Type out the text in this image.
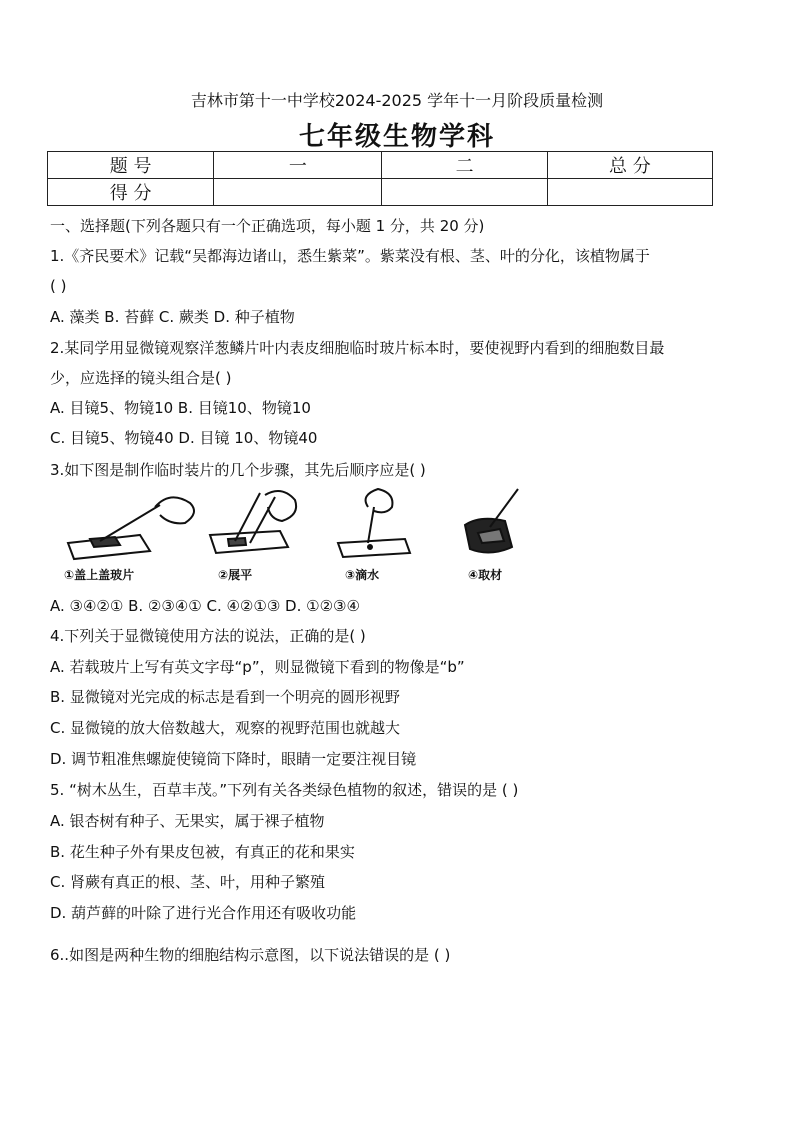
吉林市第十一中学校2024-2025 学年十一月阶段质量检测
七年级生物学科
题 号	一	二	总 分
得 分			
一、选择题(下列各题只有一个正确选项，每小题 1 分，共 20 分)
1.《齐民要术》记载“吴都海边诸山，悉生紫菜”。紫菜没有根、茎、叶的分化，该植物属于
( )
A. 藻类 B. 苔藓 C. 蕨类 D. 种子植物
2.某同学用显微镜观察洋葱鳞片叶内表皮细胞临时玻片标本时，要使视野内看到的细胞数目最
少，应选择的镜头组合是( )
A. 目镜5、物镜10 B. 目镜10、物镜10
C. 目镜5、物镜40 D. 目镜 10、物镜40
3.如下图是制作临时装片的几个步骤，其先后顺序应是( )
①盖上盖玻片	②展平	③滴水	④取材
A. ③④②① B. ②③④① C. ④②①③ D. ①②③④
4.下列关于显微镜使用方法的说法，正确的是( )
A. 若载玻片上写有英文字母“p”，则显微镜下看到的物像是“b”
B. 显微镜对光完成的标志是看到一个明亮的圆形视野
C. 显微镜的放大倍数越大，观察的视野范围也就越大
D. 调节粗准焦螺旋使镜筒下降时，眼睛一定要注视目镜
5. “树木丛生，百草丰茂。”下列有关各类绿色植物的叙述，错误的是 ( )
A. 银杏树有种子、无果实，属于裸子植物
B. 花生种子外有果皮包被，有真正的花和果实
C. 肾蕨有真正的根、茎、叶，用种子繁殖
D. 葫芦藓的叶除了进行光合作用还有吸收功能
6..如图是两种生物的细胞结构示意图，以下说法错误的是 ( )
